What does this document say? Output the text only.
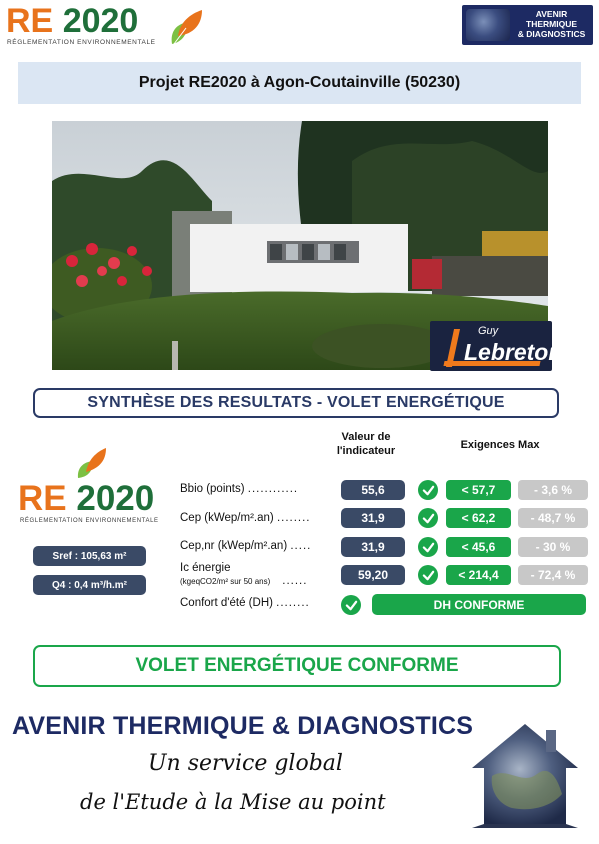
RE 2020
RÉGLEMENTATION ENVIRONNEMENTALE
AVENIR
THERMIQUE
& DIAGNOSTICS
Projet RE2020 à Agon-Coutainville (50230)
Guy
Lebreton
SYNTHÈSE DES RESULTATS - VOLET ENERGÉTIQUE
Valeur de
l'indicateur	Exigences Max
RE 2020
RÉGLEMENTATION ENVIRONNEMENTALE
Sref : 105,63 m²
Q4 : 0,4 m³/h.m²
Bbio (points) ............	55,6	< 57,7	- 3,6 %
Cep (kWep/m².an) ........	31,9	< 62,2	- 48,7 %
Cep,nr (kWep/m².an) .....	31,9	< 45,6	- 30 %
Ic énergie
(kgeqCO2/m² sur 50 ans) ......	59,20	< 214,4	- 72,4 %
Confort d'été (DH) ........	DH CONFORME
VOLET ENERGÉTIQUE CONFORME
AVENIR THERMIQUE & DIAGNOSTICS
Un service global
de l'Etude à la Mise au point
